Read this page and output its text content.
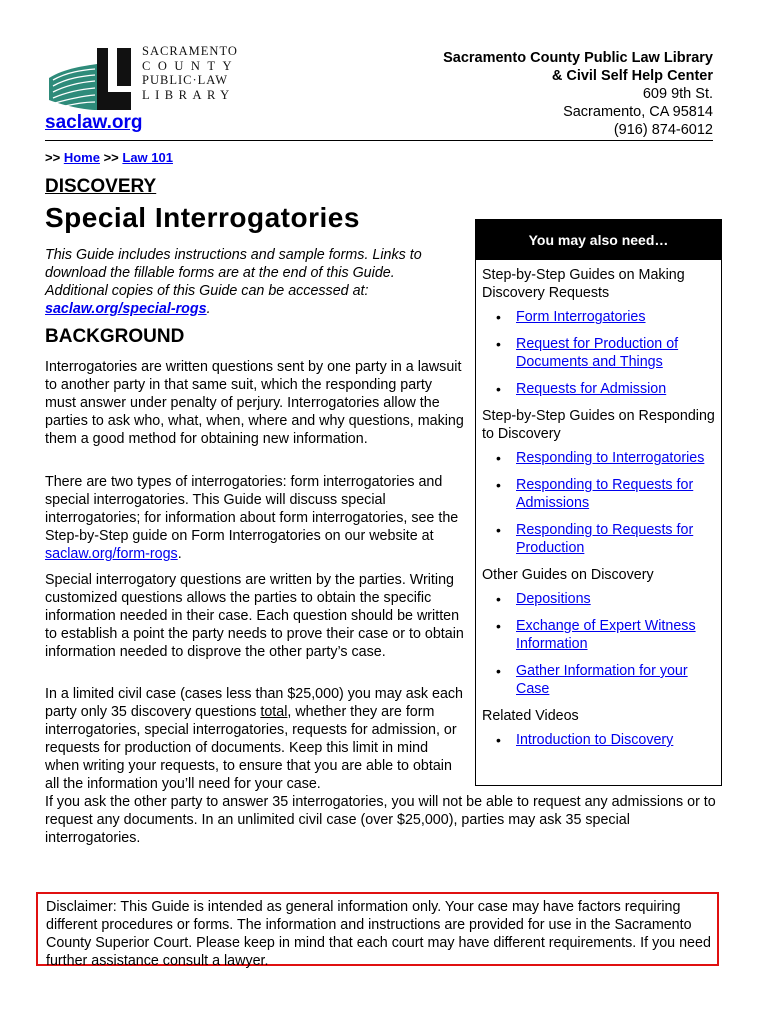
SACRAMENTO
COUNTY
PUBLIC·LAW
LIBRARY
saclaw.org
Sacramento County Public Law Library
& Civil Self Help Center
609 9th St.
Sacramento, CA 95814
(916) 874-6012
>> Home >> Law 101
DISCOVERY
Special Interrogatories
This Guide includes instructions and sample forms. Links to download the fillable forms are at the end of this Guide. Additional copies of this Guide can be accessed at: saclaw.org/special-rogs.
BACKGROUND
Interrogatories are written questions sent by one party in a lawsuit to another party in that same suit, which the responding party must answer under penalty of perjury. Interrogatories allow the parties to ask who, what, when, where and why questions, making them a good method for obtaining new information.
There are two types of interrogatories: form interrogatories and special interrogatories. This Guide will discuss special interrogatories; for information about form interrogatories, see the Step-by-Step guide on Form Interrogatories on our website at saclaw.org/form-rogs.
Special interrogatory questions are written by the parties. Writing customized questions allows the parties to obtain the specific information needed in their case. Each question should be written to establish a point the party needs to prove their case or to obtain information needed to disprove the other party’s case.
In a limited civil case (cases less than $25,000) you may ask each party only 35 discovery questions total, whether they are form interrogatories, special interrogatories, requests for admission, or requests for production of documents. Keep this limit in mind when writing your requests, to ensure that you are able to obtain all the information you’ll need for your case.
If you ask the other party to answer 35 interrogatories, you will not be able to request any admissions or to request any documents. In an unlimited civil case (over $25,000), parties may ask 35 special interrogatories.
You may also need…
Step-by-Step Guides on Making Discovery Requests
• Form Interrogatories
• Request for Production of Documents and Things
• Requests for Admission
Step-by-Step Guides on Responding to Discovery
• Responding to Interrogatories
• Responding to Requests for Admissions
• Responding to Requests for Production
Other Guides on Discovery
• Depositions
• Exchange of Expert Witness Information
• Gather Information for your Case
Related Videos
• Introduction to Discovery
Disclaimer: This Guide is intended as general information only. Your case may have factors requiring different procedures or forms. The information and instructions are provided for use in the Sacramento County Superior Court. Please keep in mind that each court may have different requirements. If you need further assistance consult a lawyer.
